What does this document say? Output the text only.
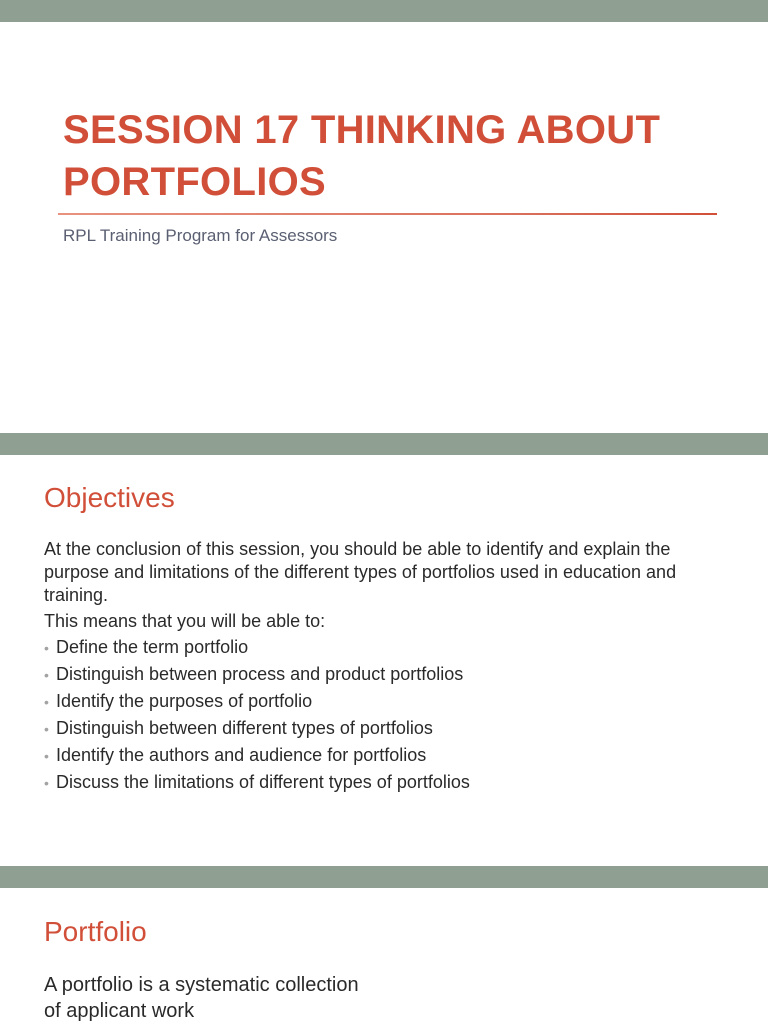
SESSION 17 THINKING ABOUT PORTFOLIOS
RPL Training Program for Assessors
Objectives
At the conclusion of this session, you should be able to identify and explain the purpose and limitations of the different types of portfolios used in education and training.
This means that you will be able to:
• Define the term portfolio
• Distinguish between process and product portfolios
• Identify the purposes of portfolio
• Distinguish between different types of portfolios
• Identify the authors and audience for portfolios
• Discuss the limitations of different types of portfolios
Portfolio
A portfolio is a systematic collection of applicant work
